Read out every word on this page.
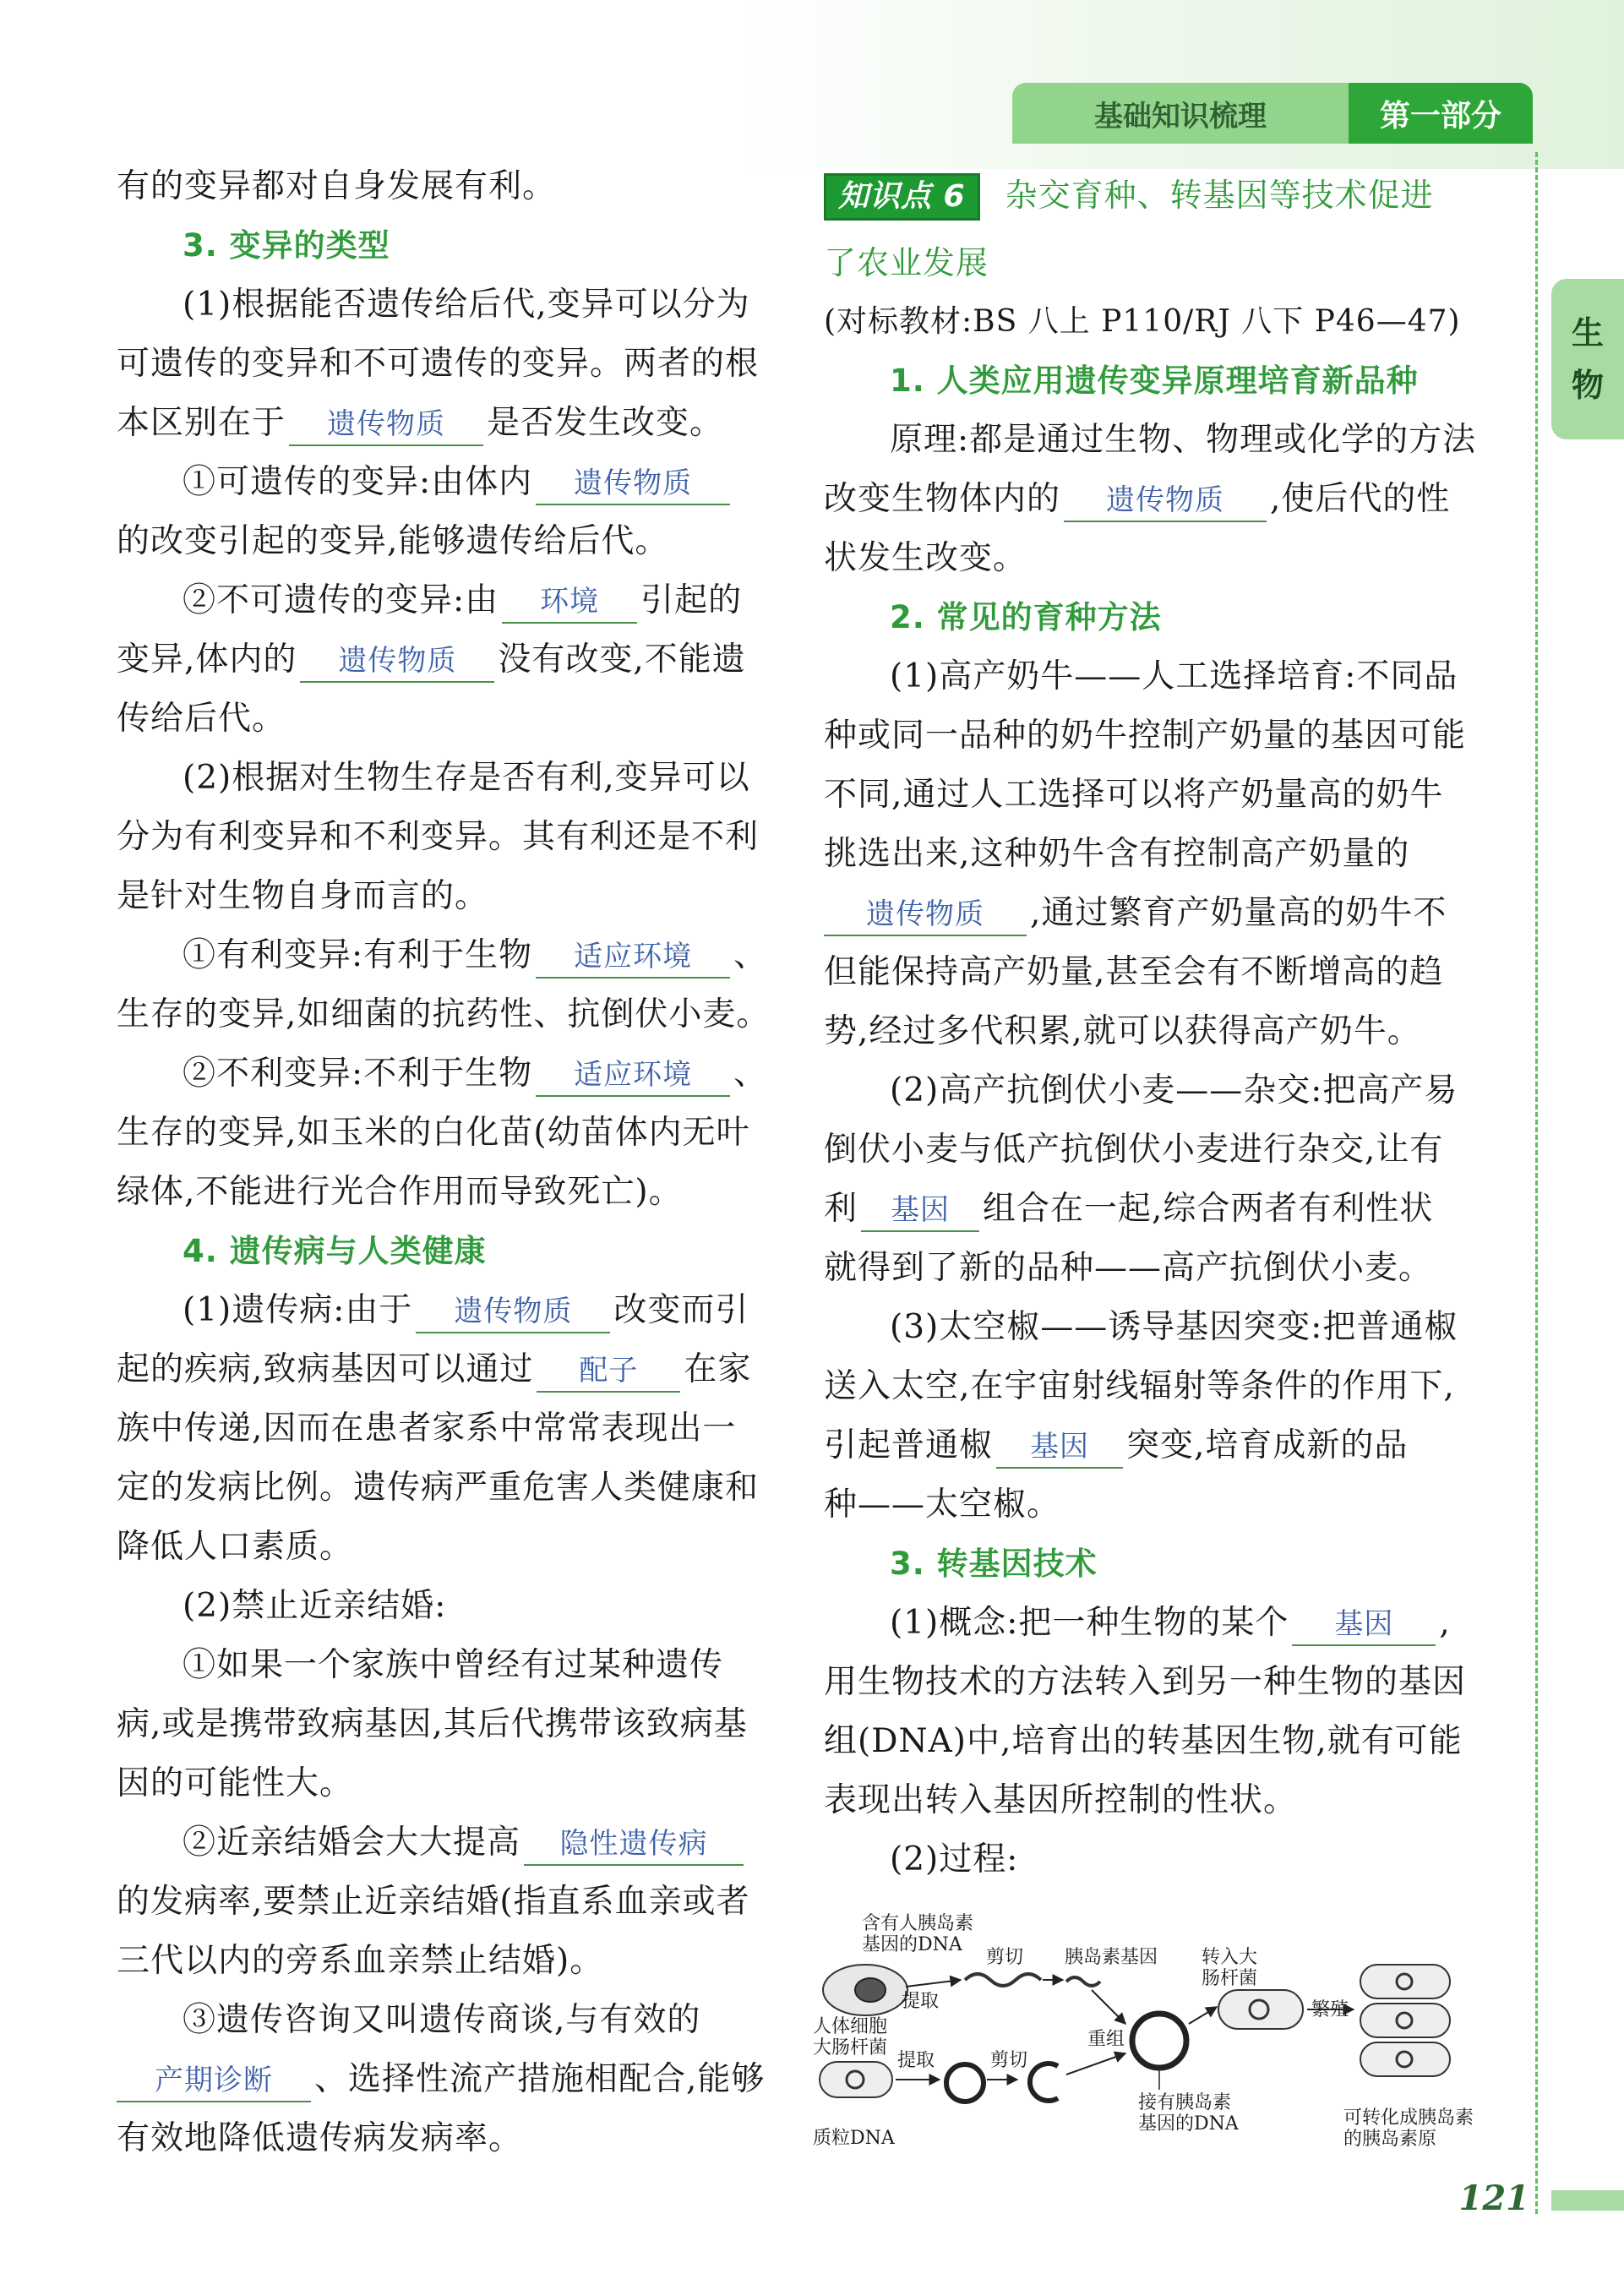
基础知识梳理	第一部分
生
物
有的变异都对自身发展有利。
3. 变异的类型
(1)根据能否遗传给后代,变异可以分为
可遗传的变异和不可遗传的变异。两者的根
本区别在于 遗传物质 是否发生改变。
①可遗传的变异:由体内 遗传物质
的改变引起的变异,能够遗传给后代。
②不可遗传的变异:由 环境 引起的
变异,体内的 遗传物质 没有改变,不能遗
传给后代。
(2)根据对生物生存是否有利,变异可以
分为有利变异和不利变异。其有利还是不利
是针对生物自身而言的。
①有利变异:有利于生物 适应环境 、
生存的变异,如细菌的抗药性、抗倒伏小麦。
②不利变异:不利于生物 适应环境 、
生存的变异,如玉米的白化苗(幼苗体内无叶
绿体,不能进行光合作用而导致死亡)。
4. 遗传病与人类健康
(1)遗传病:由于 遗传物质 改变而引
起的疾病,致病基因可以通过 配子 在家
族中传递,因而在患者家系中常常表现出一
定的发病比例。遗传病严重危害人类健康和
降低人口素质。
(2)禁止近亲结婚:
①如果一个家族中曾经有过某种遗传
病,或是携带致病基因,其后代携带该致病基
因的可能性大。
②近亲结婚会大大提高 隐性遗传病
的发病率,要禁止近亲结婚(指直系血亲或者
三代以内的旁系血亲禁止结婚)。
③遗传咨询又叫遗传商谈,与有效的
产期诊断 、选择性流产措施相配合,能够
有效地降低遗传病发病率。
知识点 6 杂交育种、转基因等技术促进
了农业发展
(对标教材:BS 八上 P110/RJ 八下 P46—47)
1. 人类应用遗传变异原理培育新品种
原理:都是通过生物、物理或化学的方法
改变生物体内的 遗传物质 ,使后代的性
状发生改变。
2. 常见的育种方法
(1)高产奶牛——人工选择培育:不同品
种或同一品种的奶牛控制产奶量的基因可能
不同,通过人工选择可以将产奶量高的奶牛
挑选出来,这种奶牛含有控制高产奶量的
遗传物质 ,通过繁育产奶量高的奶牛不
但能保持高产奶量,甚至会有不断增高的趋
势,经过多代积累,就可以获得高产奶牛。
(2)高产抗倒伏小麦——杂交:把高产易
倒伏小麦与低产抗倒伏小麦进行杂交,让有
利 基因 组合在一起,综合两者有利性状
就得到了新的品种——高产抗倒伏小麦。
(3)太空椒——诱导基因突变:把普通椒
送入太空,在宇宙射线辐射等条件的作用下,
引起普通椒 基因 突变,培育成新的品
种——太空椒。
3. 转基因技术
(1)概念:把一种生物的某个 基因 ,
用生物技术的方法转入到另一种生物的基因
组(DNA)中,培育出的转基因生物,就有可能
表现出转入基因所控制的性状。
(2)过程:
含有人胰岛素
基因的DNA
提取
剪切 胰岛素基因 转入大
肠杆菌
重组
繁殖
人体细胞
大肠杆菌
提取	剪切
质粒DNA
接有胰岛素
基因的DNA	可转化成胰岛素
的胰岛素原
121
